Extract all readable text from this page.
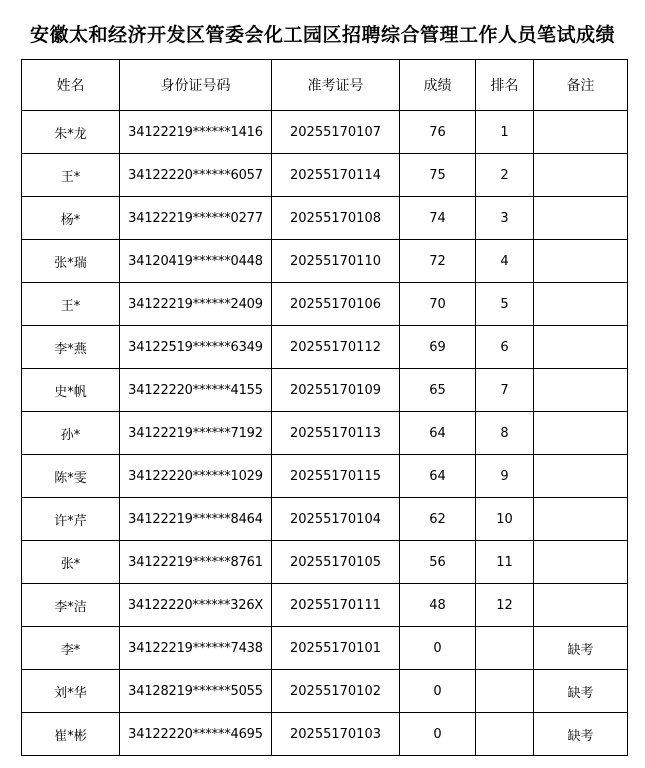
安徽太和经济开发区管委会化工园区招聘综合管理工作人员笔试成绩
姓名	身份证号码	准考证号	成绩	排名	备注
朱*龙	34122219******1416	20255170107	76	1	
王*	34122220******6057	20255170114	75	2	
杨*	34122219******0277	20255170108	74	3	
张*瑞	34120419******0448	20255170110	72	4	
王*	34122219******2409	20255170106	70	5	
李*燕	34122519******6349	20255170112	69	6	
史*帆	34122220******4155	20255170109	65	7	
孙*	34122219******7192	20255170113	64	8	
陈*雯	34122220******1029	20255170115	64	9	
许*芹	34122219******8464	20255170104	62	10	
张*	34122219******8761	20255170105	56	11	
李*洁	34122220******326X	20255170111	48	12	
李*	34122219******7438	20255170101	0		缺考
刘*华	34128219******5055	20255170102	0		缺考
崔*彬	34122220******4695	20255170103	0		缺考
